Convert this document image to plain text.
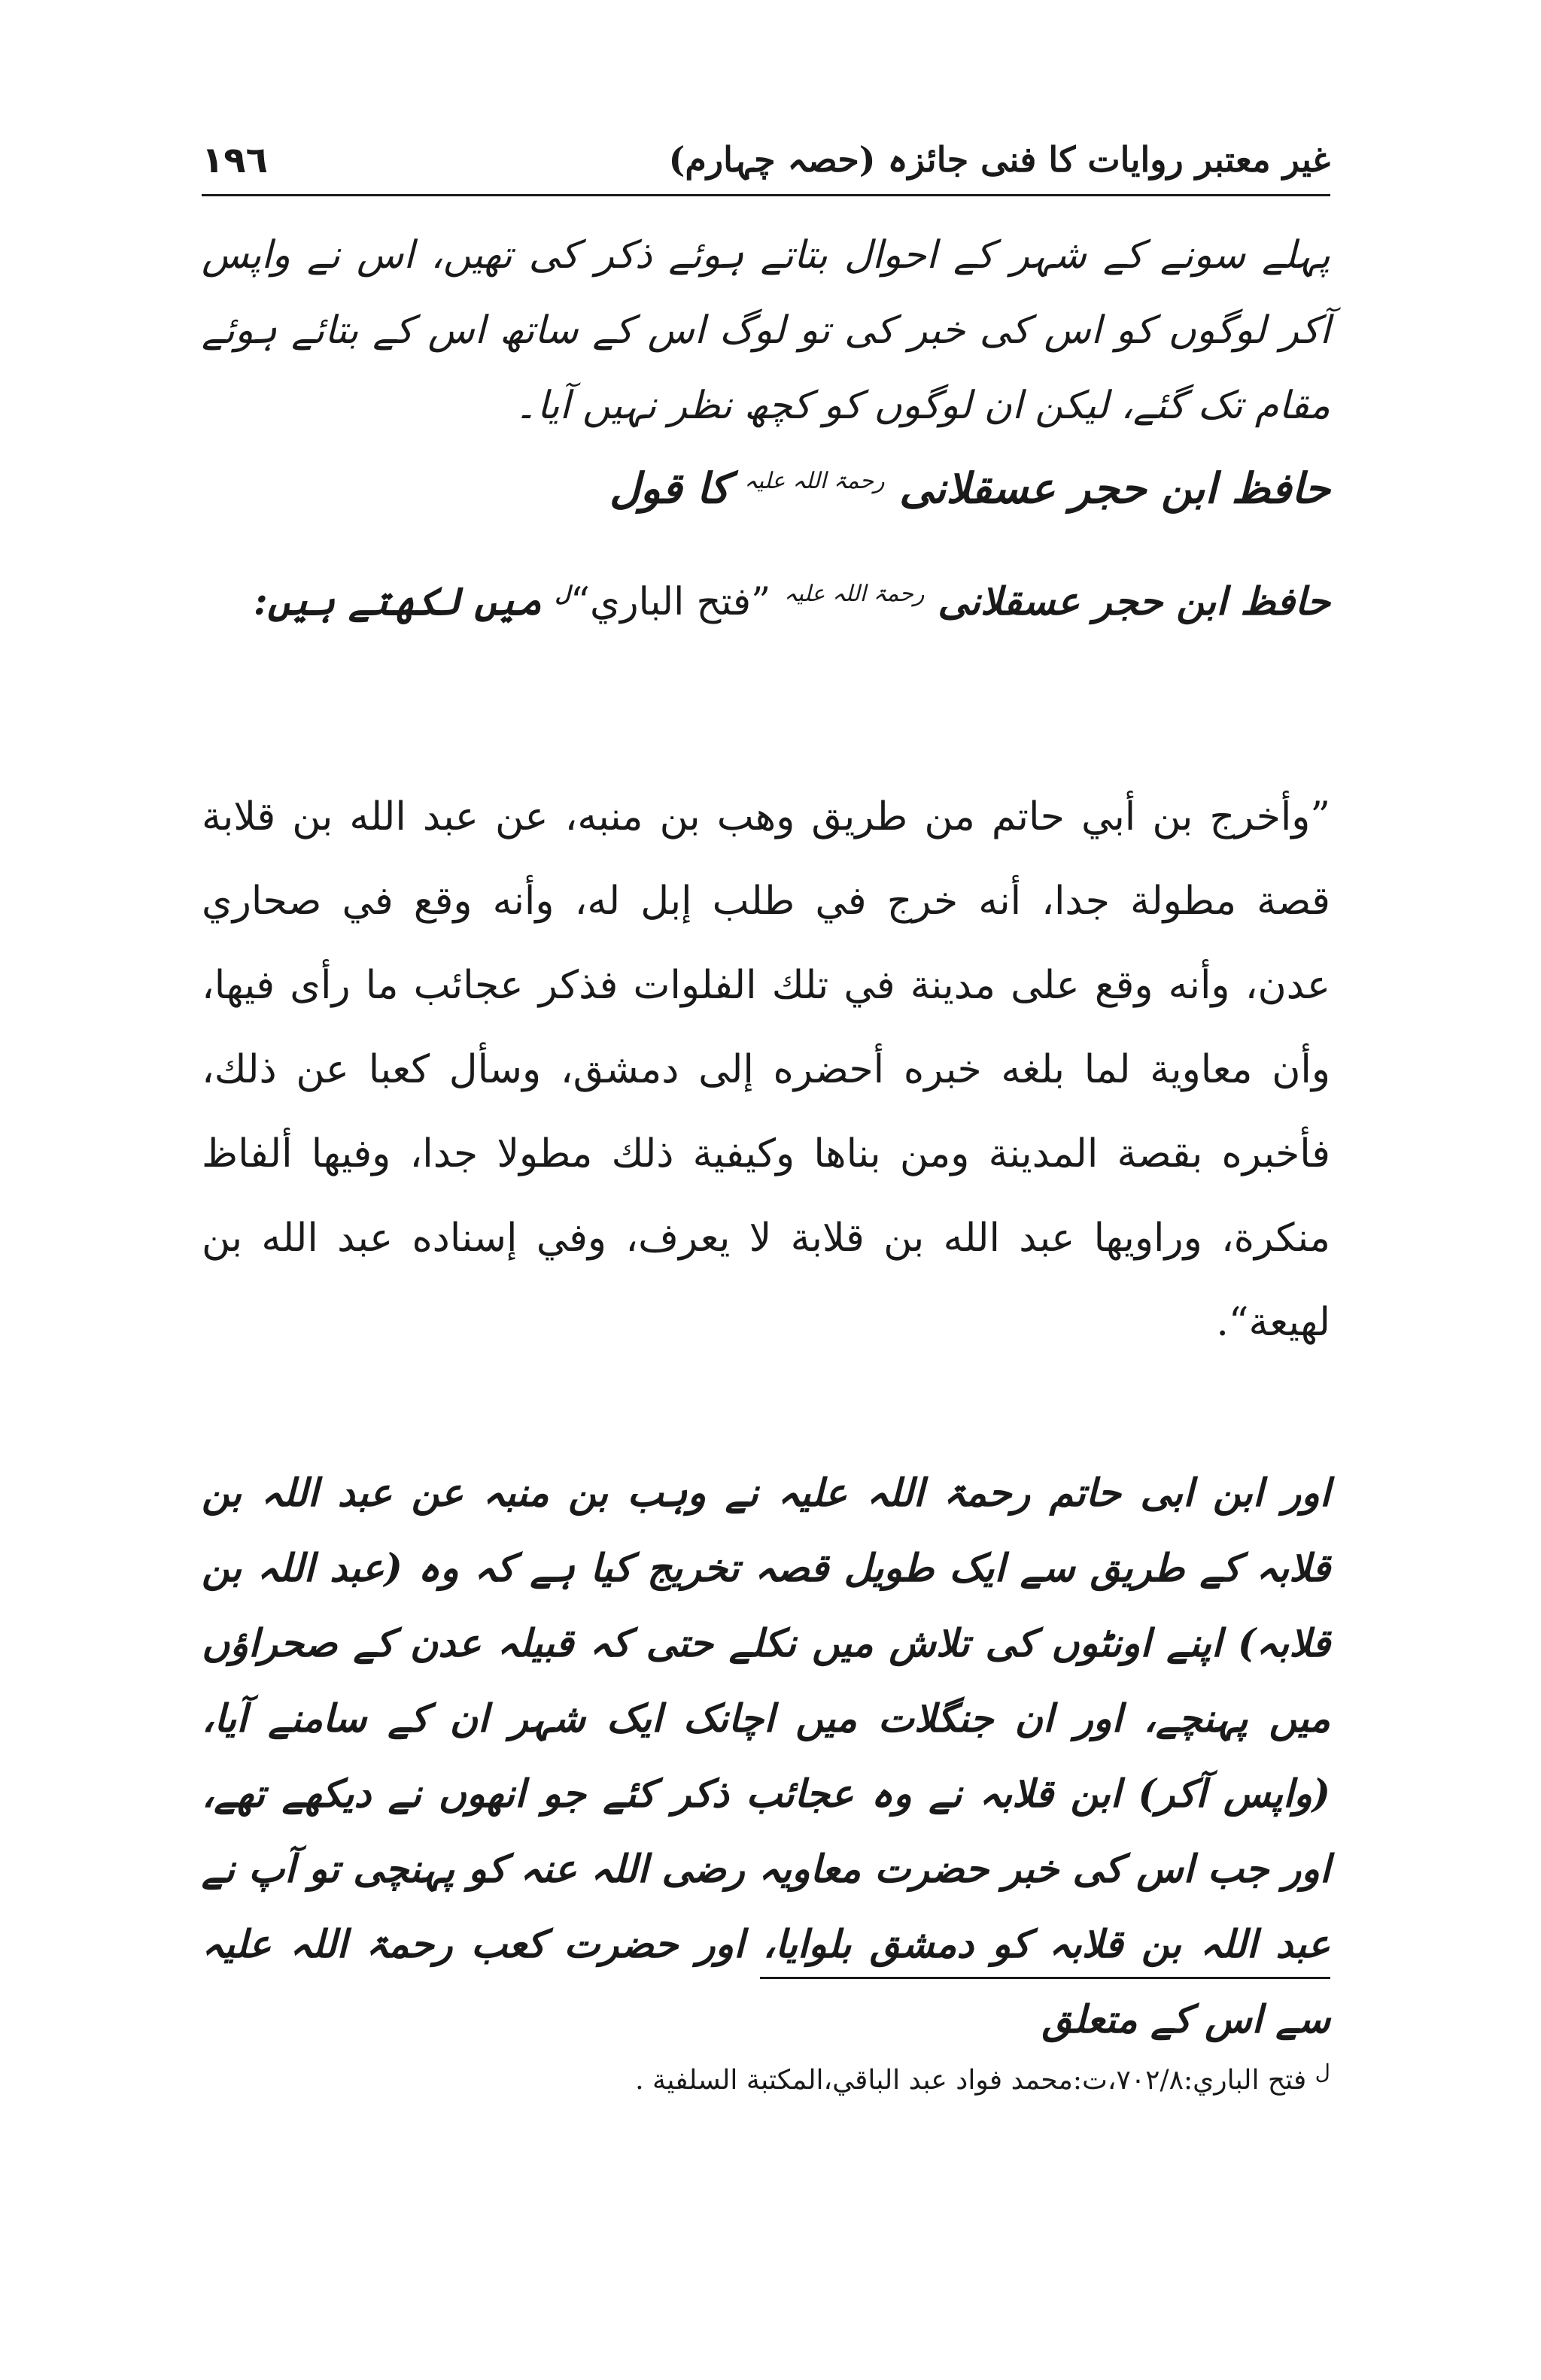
١٩٦	غیر معتبر روایات کا فنی جائزہ (حصہ چہارم)

پہلے سونے کے شہر کے احوال بتاتے ہوئے ذکر کی تھیں، اس نے واپس آکر لوگوں کو اس کی خبر کی تو لوگ اس کے ساتھ اس کے بتائے ہوئے مقام تک گئے، لیکن ان لوگوں کو کچھ نظر نہیں آیا۔

حافظ ابن حجر عسقلانی $^{رحمۃ اللہ علیہ}$ کا قول
حافظ ابن حجر عسقلانی $^{رحمۃ اللہ علیہ}$ ”فتح الباري“$^ل$ میں لکھتے ہیں:

”وأخرج بن أبي حاتم من طريق وهب بن منبه، عن عبد الله بن قلابة قصة مطولة جدا، أنه خرج في طلب إبل له، وأنه وقع في صحاري عدن، وأنه وقع على مدينة في تلك الفلوات فذكر عجائب ما رأى فيها، وأن معاوية لما بلغه خبره أحضره إلى دمشق، وسأل كعبا عن ذلك، فأخبره بقصة المدينة ومن بناها وكيفية ذلك مطولا جدا، وفيها ألفاظ منكرة، وراويها عبد الله بن قلابة لا يعرف، وفي إسناده عبد الله بن لهيعة“.

اور ابن ابی حاتم رحمۃ اللہ علیہ نے وہب بن منبہ عن عبد اللہ بن قلابہ کے طریق سے ایک طویل قصہ تخریج کیا ہے کہ وہ (عبد اللہ بن قلابہ) اپنے اونٹوں کی تلاش میں نکلے حتی کہ قبیلہ عدن کے صحراؤں میں پہنچے، اور ان جنگلات میں اچانک ایک شہر ان کے سامنے آیا، (واپس آکر) ابن قلابہ نے وہ عجائب ذکر کئے جو انھوں نے دیکھے تھے، اور جب اس کی خبر حضرت معاویہ رضی اللہ عنہ کو پہنچی تو آپ نے عبد اللہ بن قلابہ کو دمشق بلوایا، اور حضرت کعب رحمۃ اللہ علیہ سے اس کے متعلق

$^ل$ فتح الباري:٧٠٢/٨،ت:محمد فواد عبد الباقي،المكتبة السلفية .
